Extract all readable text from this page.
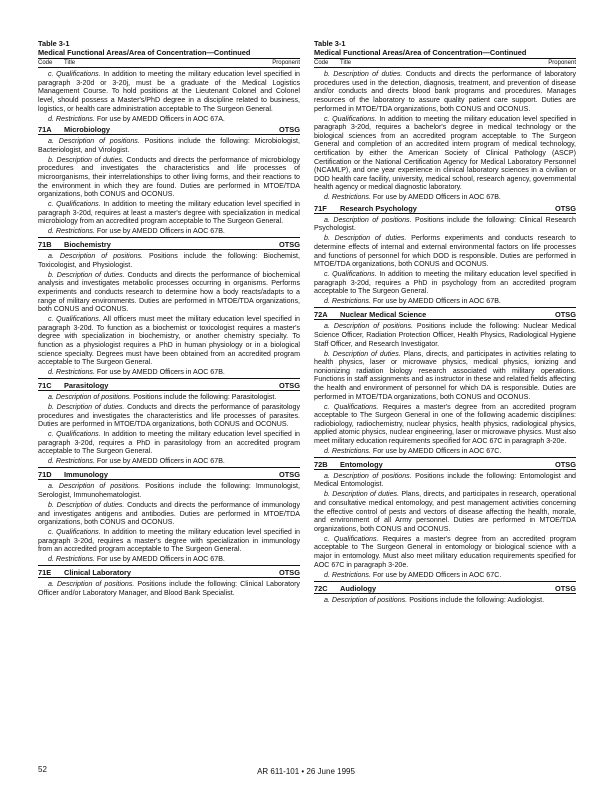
Table 3-1
Medical Functional Areas/Area of Concentration—Continued
Code	Title	Proponent

c. Qualifications. In addition to meeting the military education level specified in paragraph 3-20d or 3-20j, must be a graduate of the Medical Logistics Management Course. To hold positions at the Lieutenant Colonel and Colonel level, should possess a Master's/PhD degree in a discipline related to business, logistics, or health care administration acceptable to The Surgeon General.

d. Restrictions. For use by AMEDD Officers in AOC 67A.

71A	Microbiology	OTSG

a. Description of positions. Positions include the following: Microbiologist, Bacteriologist, and Virologist.

b. Description of duties. Conducts and directs the performance of microbiology procedures and investigates the characteristics and life processes of microorganisms, their interrelationships to other living forms, and their reactions to the environment in which they are found. Duties are performed in MTOE/TDA organizations, both CONUS and OCONUS.

c. Qualifications. In addition to meeting the military education level specified in paragraph 3-20d, requires at least a master's degree with specialization in medical microbiology from an accredited program acceptable to The Surgeon General.

d. Restrictions. For use by AMEDD Officers in AOC 67B.

71B	Biochemistry	OTSG

a. Description of positions. Positions include the following: Biochemist, Toxicologist, and Physiologist.

b. Description of duties. Conducts and directs the performance of biochemical analysis and investigates metabolic processes occurring in organisms. Performs experiments and conducts research to determine how a body reacts/adapts to a range of military environments. Duties are performed in MTOE/TDA organizations, both CONUS and OCONUS.

c. Qualifications. All officers must meet the military education level specified in paragraph 3-20d. To function as a biochemist or toxicologist requires a master's degree with specialization in biochemistry, or another chemistry specialty. To function as a physiologist requires a PhD in human physiology or in a biological science specialty. Degrees must have been obtained from an accredited program acceptable to The Surgeon General.

d. Restrictions. For use by AMEDD Officers in AOC 67B.

71C	Parasitology	OTSG

a. Description of positions. Positions include the following: Parasitologist.

b. Description of duties. Conducts and directs the performance of parasitology procedures and investigates the characteristics and life processes of parasites. Duties are performed in MTOE/TDA organizations, both CONUS and OCONUS.

c. Qualifications. In addition to meeting the military education level specified in paragraph 3-20d, requires a PhD in parasitology from an accredited program acceptable to The Surgeon General.

d. Restrictions. For use by AMEDD Officers in AOC 67B.

71D	Immunology	OTSG

a. Description of positions. Positions include the following: Immunologist, Serologist, Immunohematologist.

b. Description of duties. Conducts and directs the performance of immunology and investigates antigens and antibodies. Duties are performed in MTOE/TDA organizations, both CONUS and OCONUS.

c. Qualifications. In addition to meeting the military education level specified in paragraph 3-20d, requires a master's degree with specialization in immunology from an accredited program acceptable to The Surgeon General.

d. Restrictions. For use by AMEDD Officers in AOC 67B.

71E	Clinical Laboratory	OTSG

a. Description of positions. Positions include the following: Clinical Laboratory Officer and/or Laboratory Manager, and Blood Bank Specialist.

Table 3-1
Medical Functional Areas/Area of Concentration—Continued
Code	Title	Proponent

b. Description of duties. Conducts and directs the performance of laboratory procedures used in the detection, diagnosis, treatment, and prevention of disease and/or conducts and directs blood bank programs and procedures. Manages resources of the laboratory to assure quality patient care support. Duties are performed in MTOE/TDA organizations, both CONUS and OCONUS.

c. Qualifications. In addition to meeting the military education level specified in paragraph 3-20d, requires a bachelor's degree in medical technology or the biological sciences from an accredited program acceptable to The Surgeon General and completion of an accredited intern program of medical technology, certification by either the American Society of Clinical Pathology (ASCP) Certification or the National Certification Agency for Medical Laboratory Personnel (NCAMLP), and one year experience in clinical laboratory sciences in a civilian or DOD health care facility, university, medical school, research agency, governmental health agency or medical diagnostic laboratory.

d. Restrictions. For use by AMEDD Officers in AOC 67B.

71F	Research Psychology	OTSG

a. Description of positions. Positions include the following: Clinical Research Psychologist.

b. Description of duties. Performs experiments and conducts research to determine effects of internal and external environmental factors on life processes and functions of personnel for which DOD is responsible. Duties are performed in MTOE/TDA organizations, both CONUS and OCONUS.

c. Qualifications. In addition to meeting the military education level specified in paragraph 3-20d, requires a PhD in psychology from an accredited program acceptable to The Surgeon General.

d. Restrictions. For use by AMEDD Officers in AOC 67B.

72A	Nuclear Medical Science	OTSG

a. Description of positions. Positions include the following: Nuclear Medical Science Officer, Radiation Protection Officer, Health Physics, Radiological Hygiene Staff Officer, and Research Investigator.

b. Description of duties. Plans, directs, and participates in activities relating to health physics, laser or microwave physics, medical physics, ionizing and nonionizing radiation biology research associated with military operations. Functions in staff assignments and as instructor in these and related fields affecting the health and environment of personnel for which DA is responsible. Duties are performed in MTOE/TDA organizations, both CONUS and OCONUS.

c. Qualifications. Requires a master's degree from an accredited program acceptable to The Surgeon General in one of the following academic disciplines: radiobiology, radiochemistry, nuclear physics, health physics, radiological physics, applied atomic physics, nuclear engineering, laser or microwave physics. Must also meet military education requirements specified for AOC 67C in paragraph 3-20e.

d. Restrictions. For use by AMEDD Officers in AOC 67C.

72B	Entomology	OTSG

a. Description of positions. Positions include the following: Entomologist and Medical Entomologist.

b. Description of duties. Plans, directs, and participates in research, operational and consultative medical entomology, and pest management activities concerning the effective control of pests and vectors of disease affecting the health, morale, and environment of all Army personnel. Duties are performed in MTOE/TDA organizations, both CONUS and OCONUS.

c. Qualifications. Requires a master's degree from an accredited program acceptable to The Surgeon General in entomology or biological science with a major in entomology. Must also meet military education requirements specified for AOC 67C in paragraph 3-20e.

d. Restrictions. For use by AMEDD Officers in AOC 67C.

72C	Audiology	OTSG

a. Description of positions. Positions include the following: Audiologist.

52	AR 611-101 • 26 June 1995
